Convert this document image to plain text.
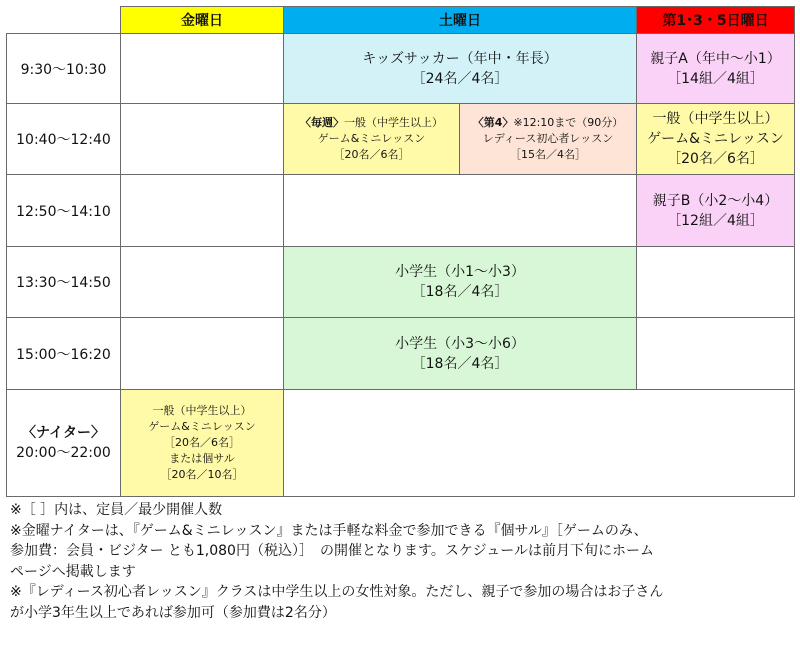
金曜日	土曜日	第1･3・5日曜日
9:30〜10:30
10:40〜12:40
12:50〜14:10
13:30〜14:50
15:00〜16:20
〈ナイター〉
20:00〜22:00
一般（中学生以上）
ゲーム&ミニレッスン
［20名／6名］
または個サル
［20名／10名］
キッズサッカー（年中・年長）
［24名／4名］
〈毎週〉一般（中学生以上）
ゲーム&ミニレッスン
［20名／6名］
〈第4〉※12:10まで（90分）
レディース初心者レッスン
［15名／4名］
小学生（小1〜小3）
［18名／4名］
小学生（小3〜小6）
［18名／4名］
親子A（年中〜小1）
［14組／4組］
一般（中学生以上）
ゲーム&ミニレッスン
［20名／6名］
親子B（小2〜小4）
［12組／4組］
※［ ］内は、定員／最少開催人数
※金曜ナイターは、『ゲーム&ミニレッスン』または手軽な料金で参加できる『個サル』［ゲームのみ、
参加費：会員・ビジター とも1,080円（税込）］　の開催となります。スケジュールは前月下旬にホーム
ページへ掲載します
※『レディース初心者レッスン』クラスは中学生以上の女性対象。ただし、親子で参加の場合はお子さん
が小学3年生以上であれば参加可（参加費は2名分）
